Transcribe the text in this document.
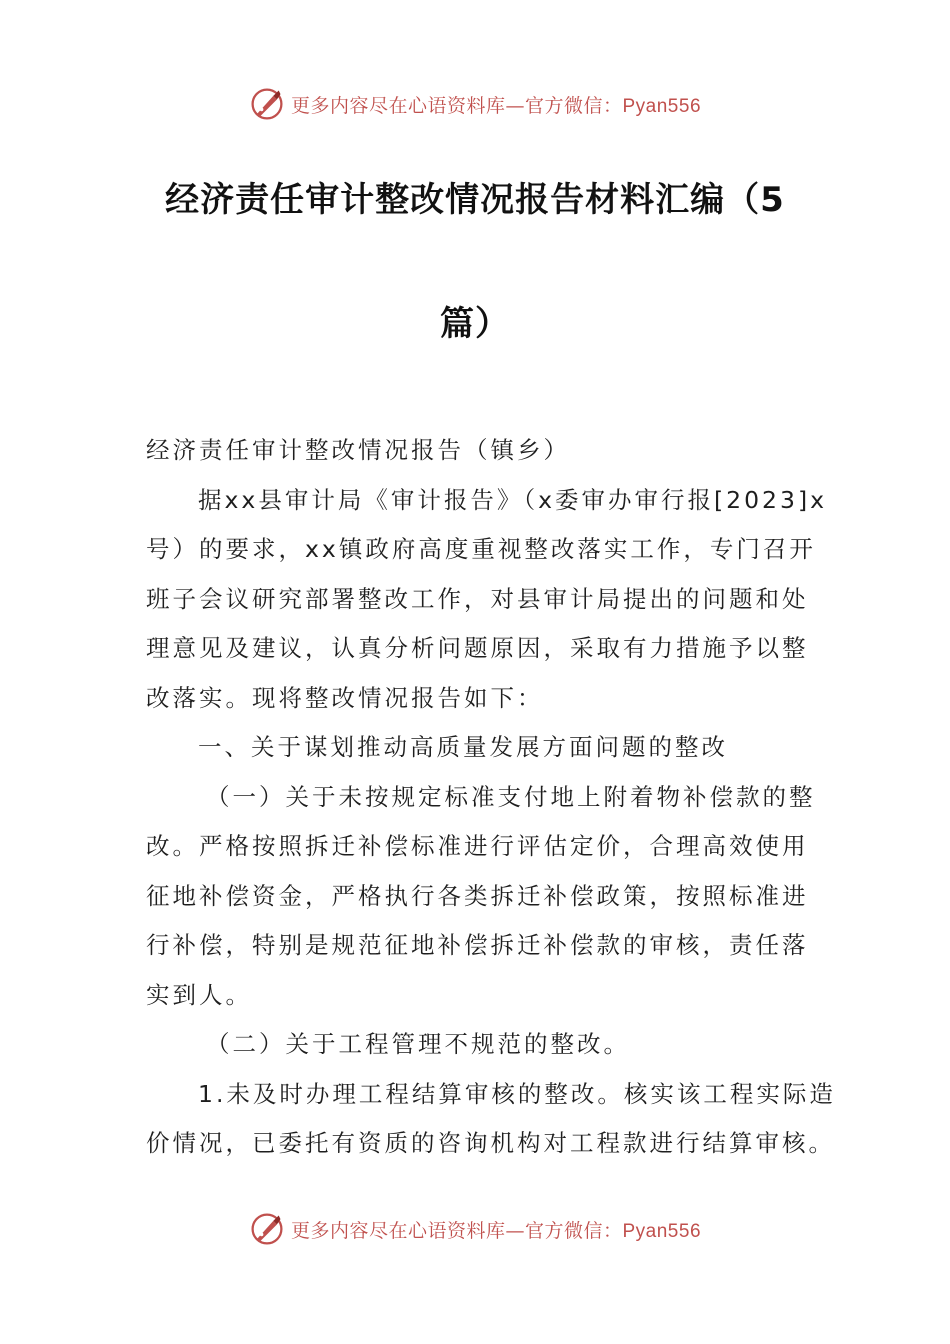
更多内容尽在心语资料库—官方微信：Pyan556
经济责任审计整改情况报告材料汇编（5
篇）
经济责任审计整改情况报告（镇乡）
据xx县审计局《审计报告》（x委审办审行报[2023]x
号）的要求，xx镇政府高度重视整改落实工作，专门召开
班子会议研究部署整改工作，对县审计局提出的问题和处
理意见及建议，认真分析问题原因，采取有力措施予以整
改落实。现将整改情况报告如下：
一、关于谋划推动高质量发展方面问题的整改
（一）关于未按规定标准支付地上附着物补偿款的整
改。严格按照拆迁补偿标准进行评估定价，合理高效使用
征地补偿资金，严格执行各类拆迁补偿政策，按照标准进
行补偿，特别是规范征地补偿拆迁补偿款的审核，责任落
实到人。
（二）关于工程管理不规范的整改。
1.未及时办理工程结算审核的整改。核实该工程实际造
价情况，已委托有资质的咨询机构对工程款进行结算审核。
更多内容尽在心语资料库—官方微信：Pyan556
